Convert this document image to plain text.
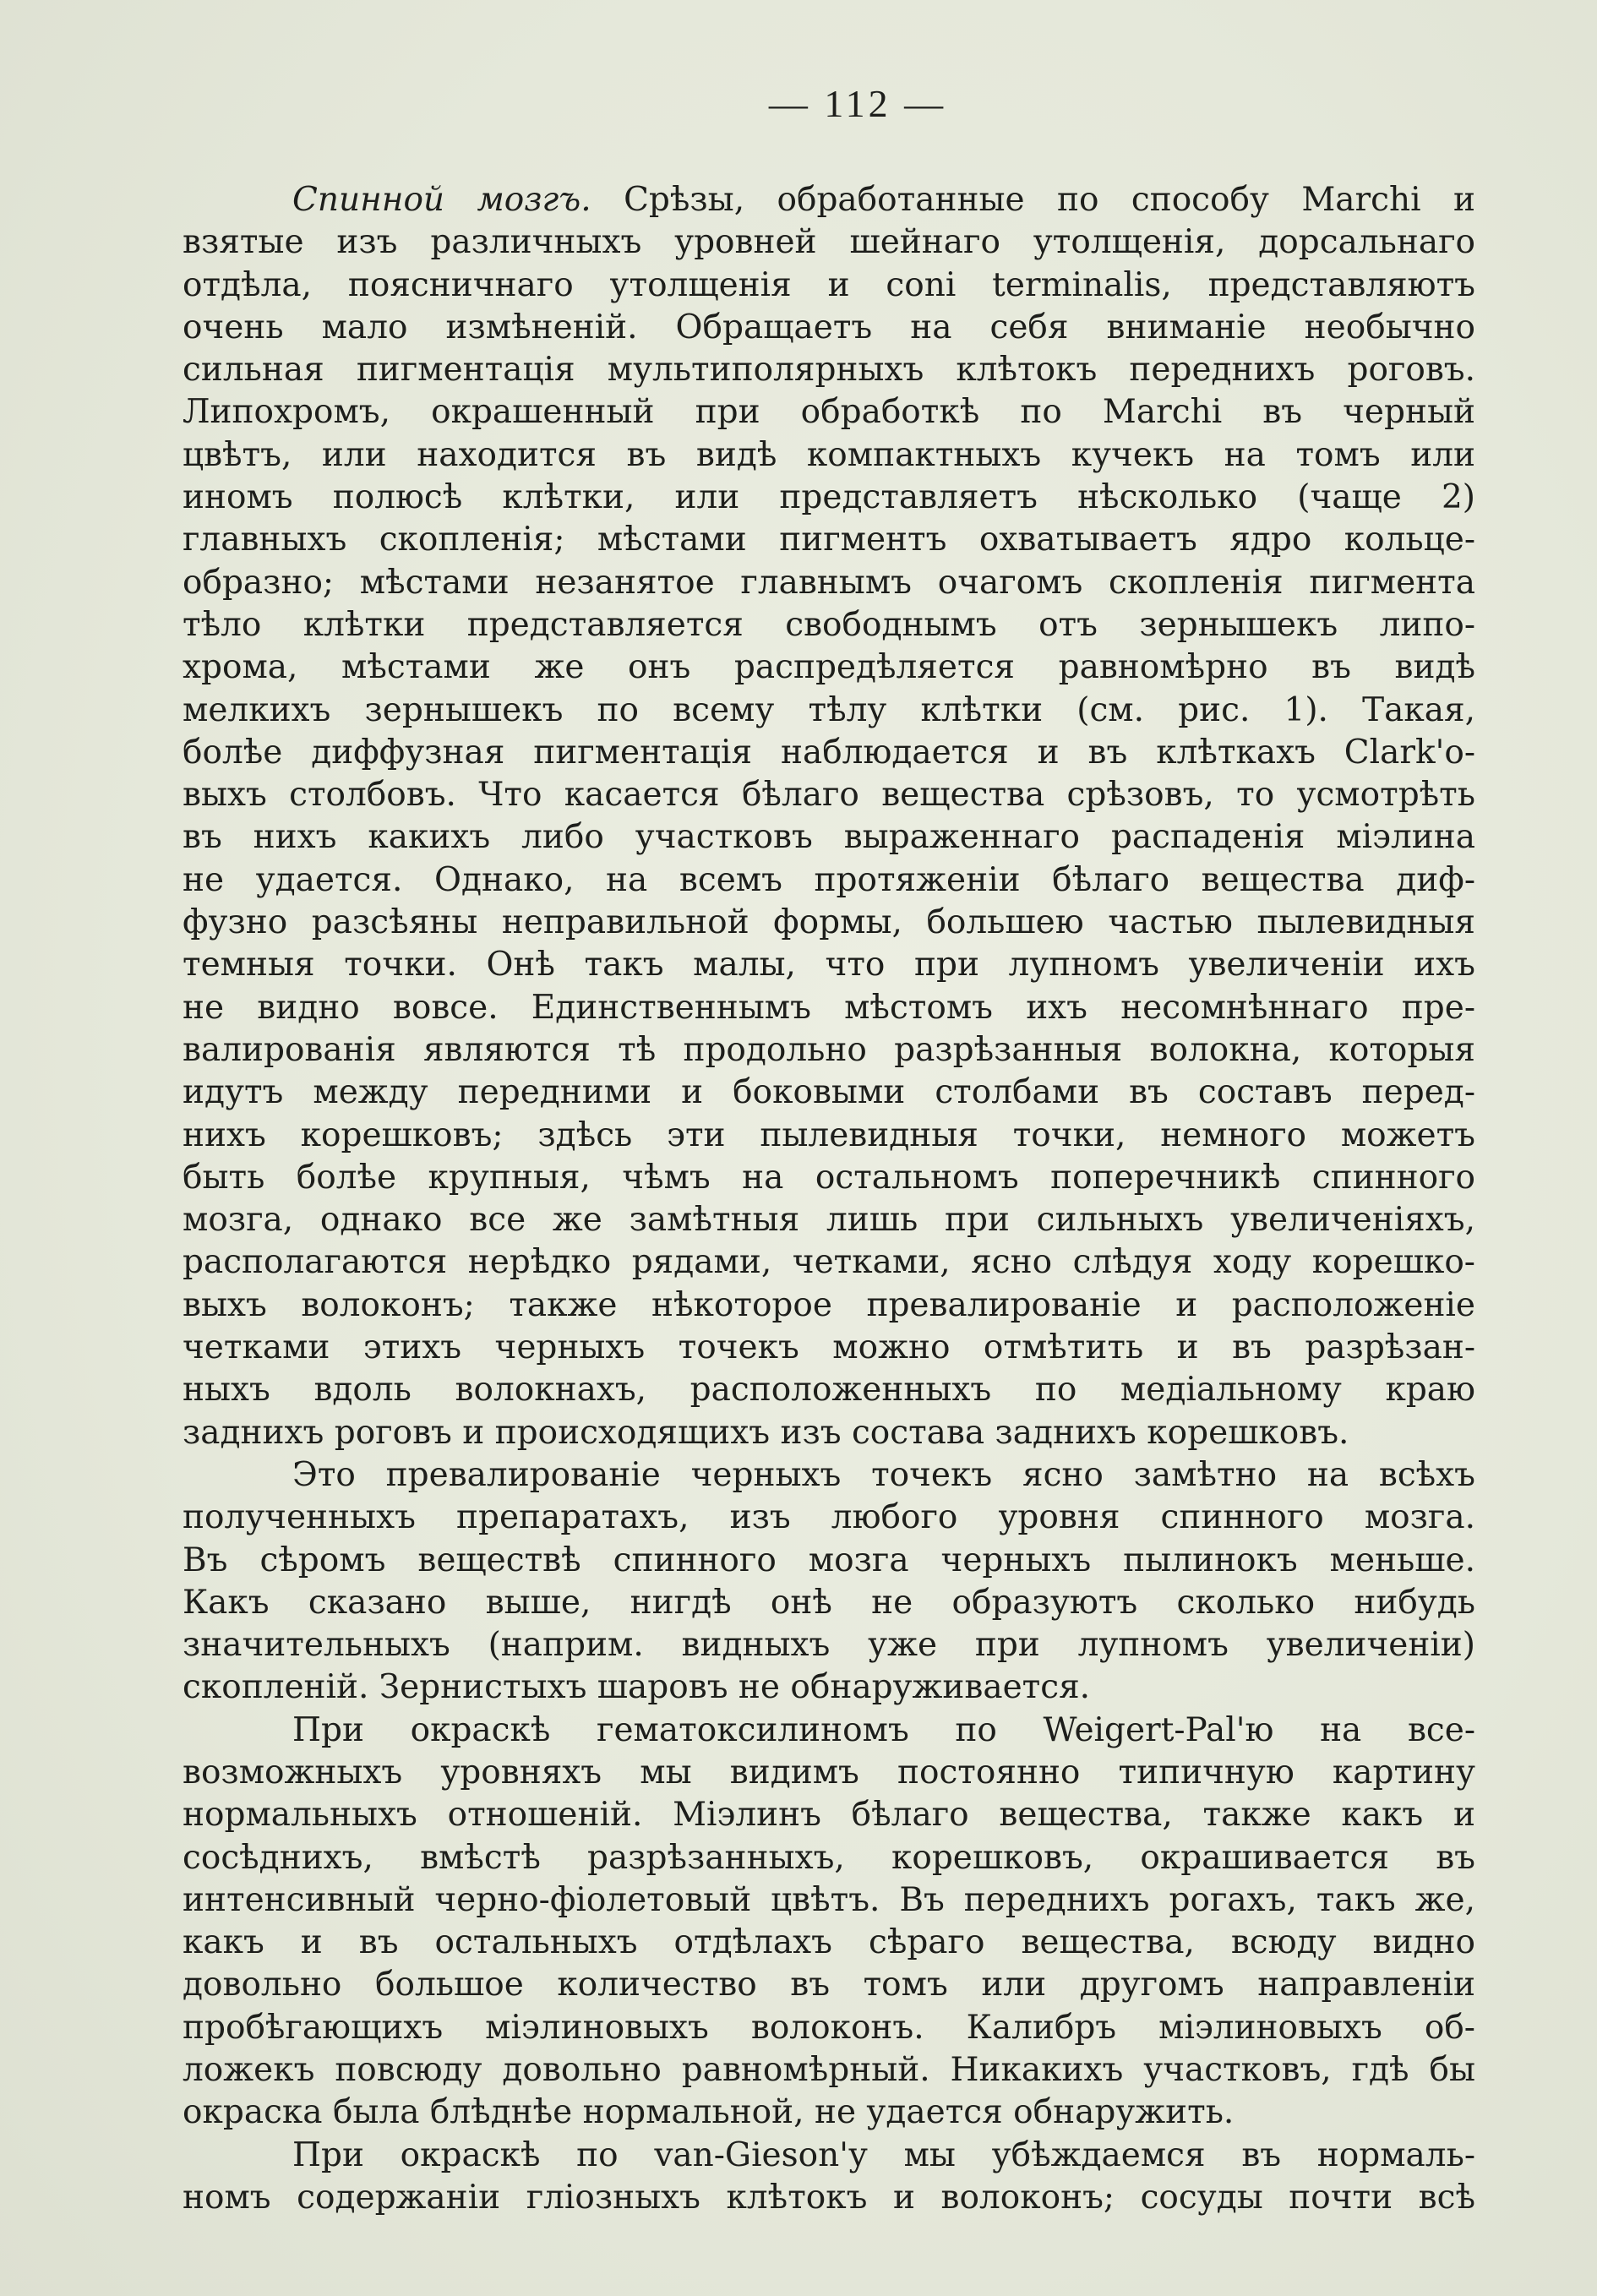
— 112 —
Спинной мозгъ. Срѣзы, обработанные по способу Marchi и
взятые изъ различныхъ уровней шейнаго утолщенія, дорсальнаго
отдѣла, поясничнаго утолщенія и coni terminalis, представляютъ
очень мало измѣненій. Обращаетъ на себя вниманіе необычно
сильная пигментація мультиполярныхъ клѣтокъ переднихъ роговъ.
Липохромъ, окрашенный при обработкѣ по Marchi въ черный
цвѣтъ, или находится въ видѣ компактныхъ кучекъ на томъ или
иномъ полюсѣ клѣтки, или представляетъ нѣсколько (чаще 2)
главныхъ скопленія; мѣстами пигментъ охватываетъ ядро кольце-
образно; мѣстами незанятое главнымъ очагомъ скопленія пигмента
тѣло клѣтки представляется свободнымъ отъ зернышекъ липо-
хрома, мѣстами же онъ распредѣляется равномѣрно въ видѣ
мелкихъ зернышекъ по всему тѣлу клѣтки (см. рис. 1). Такая,
болѣе диффузная пигментація наблюдается и въ клѣткахъ Clark'о-
выхъ столбовъ. Что касается бѣлаго вещества срѣзовъ, то усмотрѣть
въ нихъ какихъ либо участковъ выраженнаго распаденія міэлина
не удается. Однако, на всемъ протяженіи бѣлаго вещества диф-
фузно разсѣяны неправильной формы, большею частью пылевидныя
темныя точки. Онѣ такъ малы, что при лупномъ увеличеніи ихъ
не видно вовсе. Единственнымъ мѣстомъ ихъ несомнѣннаго пре-
валированія являются тѣ продольно разрѣзанныя волокна, которыя
идутъ между передними и боковыми столбами въ составъ перед-
нихъ корешковъ; здѣсь эти пылевидныя точки, немного можетъ
быть болѣе крупныя, чѣмъ на остальномъ поперечникѣ спинного
мозга, однако все же замѣтныя лишь при сильныхъ увеличеніяхъ,
располагаются нерѣдко рядами, четками, ясно слѣдуя ходу корешко-
выхъ волоконъ; также нѣкоторое превалированіе и расположеніе
четками этихъ черныхъ точекъ можно отмѣтить и въ разрѣзан-
ныхъ вдоль волокнахъ, расположенныхъ по медіальному краю
заднихъ роговъ и происходящихъ изъ состава заднихъ корешковъ.
Это превалированіе черныхъ точекъ ясно замѣтно на всѣхъ
полученныхъ препаратахъ, изъ любого уровня спинного мозга.
Въ сѣромъ веществѣ спинного мозга черныхъ пылинокъ меньше.
Какъ сказано выше, нигдѣ онѣ не образуютъ сколько нибудь
значительныхъ (наприм. видныхъ уже при лупномъ увеличеніи)
скопленій. Зернистыхъ шаровъ не обнаруживается.
При окраскѣ гематоксилиномъ по Weigert-Pal'ю на все-
возможныхъ уровняхъ мы видимъ постоянно типичную картину
нормальныхъ отношеній. Міэлинъ бѣлаго вещества, также какъ и
сосѣднихъ, вмѣстѣ разрѣзанныхъ, корешковъ, окрашивается въ
интенсивный черно-фіолетовый цвѣтъ. Въ переднихъ рогахъ, такъ же,
какъ и въ остальныхъ отдѣлахъ сѣраго вещества, всюду видно
довольно большое количество въ томъ или другомъ направленіи
пробѣгающихъ міэлиновыхъ волоконъ. Калибръ міэлиновыхъ об-
ложекъ повсюду довольно равномѣрный. Никакихъ участковъ, гдѣ бы
окраска была блѣднѣе нормальной, не удается обнаружить.
При окраскѣ по van-Gieson'у мы убѣждаемся въ нормаль-
номъ содержаніи гліозныхъ клѣтокъ и волоконъ; сосуды почти всѣ
